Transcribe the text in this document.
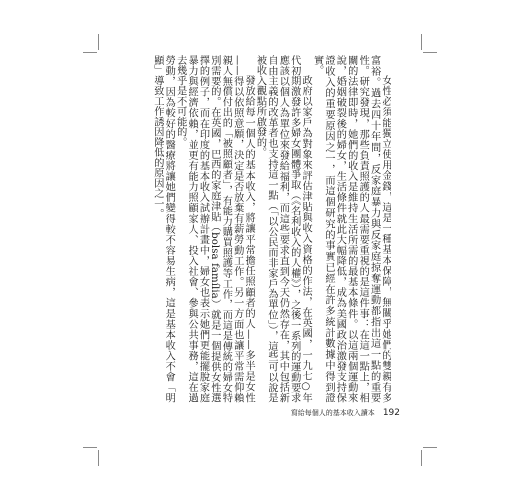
女性必須能獨立使用金錢，這是一種基本保障，無關乎她們的雙親有多富裕。過去四十年間，反家庭暴力與反家庭掠奪運動都指出這一點的重要性。研究發現，那些負責照護的人最需要重視的是這件事：在這一點上，相關的法律即時，她們的收入是維持生活所需的最基本條件。以這兩個運動來說，婚姻破裂後的婦女，生活條件就此大幅降低，成為美國政治激發支持保證收入的重要原因之一，而這個研究的事實已經在許多統計數據中得到證實。

政府以家戶為對象來評估津貼與收入資格的作法，在英國，一九七○年代初期激發許多婦女團體爭取（《名利收入的人權》），之後一系列的運動要求應該以個人為單位來發給福利，而這些要求直到今天仍然存在，其中包括新自由主義的改革者也支持這一點（「以公民而非家戶為單位」），這些可以說是被收入觀點所啟發的。

發放給每一個人的基本收入，將讓平常擔任照顧者的人——多半是女性——得以依照意願，決定是否放棄有薪勞動工作。另一方面也讓平常需仰賴親人無償付出的「被照顧者」，有能力購買照護等工作，而這是傳統的婦女特別需要的。在英國，巴西的家庭津貼（bolsa família）就是一個提供女性選擇的例子，而在印度的基本收入試辦計畫中，婦女也表示她們更能擺脫家庭暴力與經濟依賴，並更有能力照顧家人、投入社會、參與公共事務，這在過去幾乎是不可能的。

勞動，因為較好的醫療將讓她們變得較不容易生病，這是基本收入不會「明顯」導致工作誘因降低的原因之一。

寫給每個人的基本收入讀本 192
